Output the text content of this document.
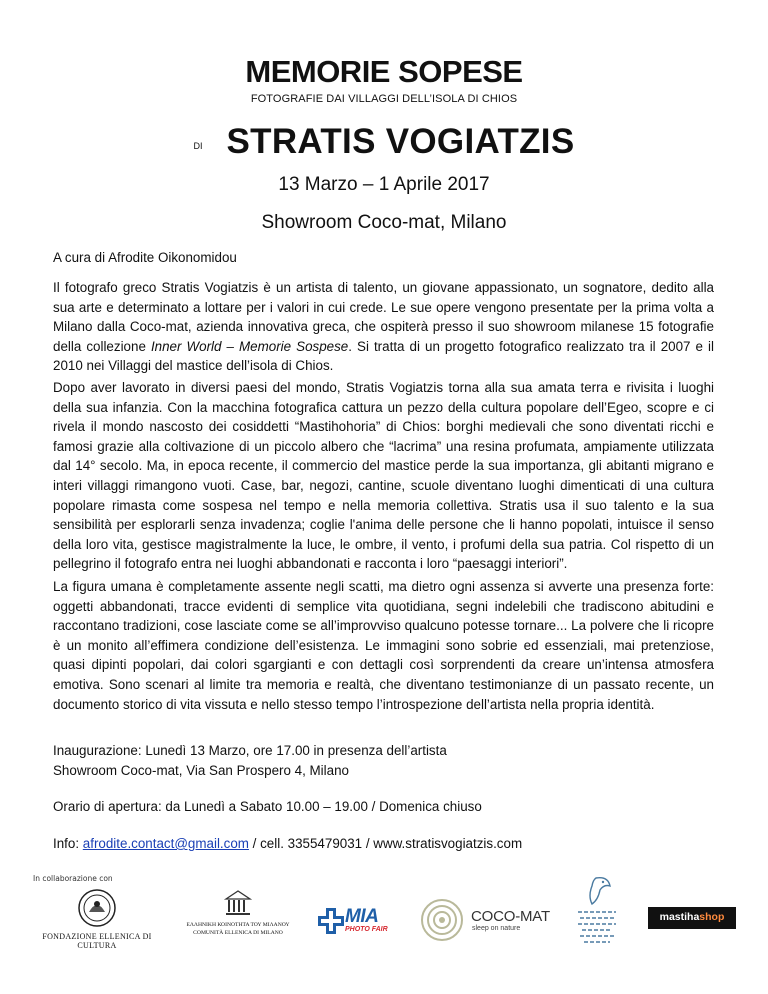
MEMORIE SOPESE
FOTOGRAFIE DAI VILLAGGI DELL’ISOLA DI CHIOS
$^{DI}$ STRATIS VOGIATZIS
13 Marzo – 1 Aprile 2017
Showroom Coco-mat, Milano
A cura di Afrodite Oikonomidou
Il fotografo greco Stratis Vogiatzis è un artista di talento, un giovane appassionato, un sognatore, dedito alla sua arte e determinato a lottare per i valori in cui crede. Le sue opere vengono presentate per la prima volta a Milano dalla Coco-mat, azienda innovativa greca, che ospiterà presso il suo showroom milanese 15 fotografie della collezione Inner World – Memorie Sospese. Si tratta di un progetto fotografico realizzato tra il 2007 e il 2010 nei Villaggi del mastice dell’isola di Chios.
Dopo aver lavorato in diversi paesi del mondo, Stratis Vogiatzis torna alla sua amata terra e rivisita i luoghi della sua infanzia. Con la macchina fotografica cattura un pezzo della cultura popolare dell’Egeo, scopre e ci rivela il mondo nascosto dei cosiddetti “Mastihohoria” di Chios: borghi medievali che sono diventati ricchi e famosi grazie alla coltivazione di un piccolo albero che “lacrima” una resina profumata, ampiamente utilizzata dal 14° secolo. Ma, in epoca recente, il commercio del mastice perde la sua importanza, gli abitanti migrano e interi villaggi rimangono vuoti. Case, bar, negozi, cantine, scuole diventano luoghi dimenticati di una cultura popolare rimasta come sospesa nel tempo e nella memoria collettiva. Stratis usa il suo talento e la sua sensibilità per esplorarli senza invadenza; coglie l'anima delle persone che li hanno popolati, intuisce il senso della loro vita, gestisce magistralmente la luce, le ombre, il vento, i profumi della sua patria. Col rispetto di un pellegrino il fotografo entra nei luoghi abbandonati e racconta i loro “paesaggi interiori”.
La figura umana è completamente assente negli scatti, ma dietro ogni assenza si avverte una presenza forte: oggetti abbandonati, tracce evidenti di semplice vita quotidiana, segni indelebili che tradiscono abitudini e raccontano tradizioni, cose lasciate come se all’improvviso qualcuno potesse tornare... La polvere che li ricopre è un monito all’effimera condizione dell’esistenza. Le immagini sono sobrie ed essenziali, mai pretenziose, quasi dipinti popolari, dai colori sgargianti e con dettagli così sorprendenti da creare un’intensa atmosfera emotiva. Sono scenari al limite tra memoria e realtà, che diventano testimonianze di un passato recente, un documento storico di vita vissuta e nello stesso tempo l’introspezione dell’artista nella propria identità.
Inaugurazione: Lunedì 13 Marzo, ore 17.00 in presenza dell’artista
Showroom Coco-mat, Via San Prospero 4, Milano
Orario di apertura: da Lunedì a Sabato 10.00 – 19.00 / Domenica chiuso
Info: afrodite.contact@gmail.com / cell. 3355479031 / www.stratisvogiatzis.com
In collaborazione con
FONDAZIONE ELLENICA DI CULTURA
ΕΛΛΗΝΙΚΗ ΚΟΙΝΟΤΗΤΑ ΤΟΥ ΜΙΛΑΝΟΥ
COMUNITÀ ELLENICA DI MILANO
MIA
PHOTO FAIR
COCO-MAT
sleep on nature
mastihashop
